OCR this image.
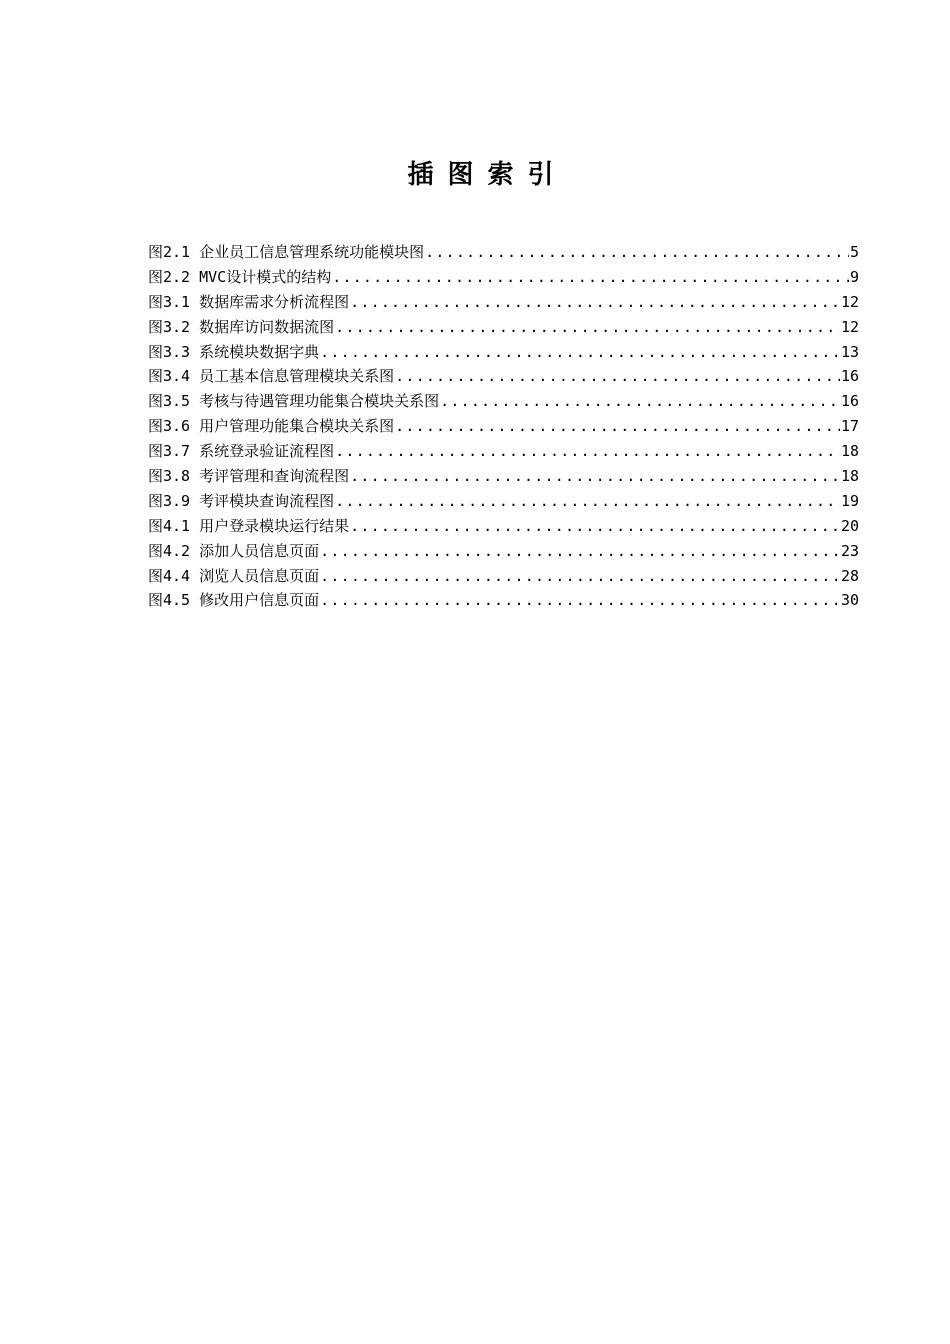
插图索引
图2.1 企业员工信息管理系统功能模块图 .....	5
图2.2 MVC设计模式的结构 .....	9
图3.1 数据库需求分析流程图 .....	12
图3.2 数据库访问数据流图 .....	12
图3.3 系统模块数据字典 .....	13
图3.4 员工基本信息管理模块关系图 .....	16
图3.5 考核与待遇管理功能集合模块关系图 .....	16
图3.6 用户管理功能集合模块关系图 .....	17
图3.7 系统登录验证流程图 .....	18
图3.8 考评管理和查询流程图 .....	18
图3.9 考评模块查询流程图 .....	19
图4.1 用户登录模块运行结果 .....	20
图4.2 添加人员信息页面 .....	23
图4.4 浏览人员信息页面 .....	28
图4.5 修改用户信息页面 .....	30
